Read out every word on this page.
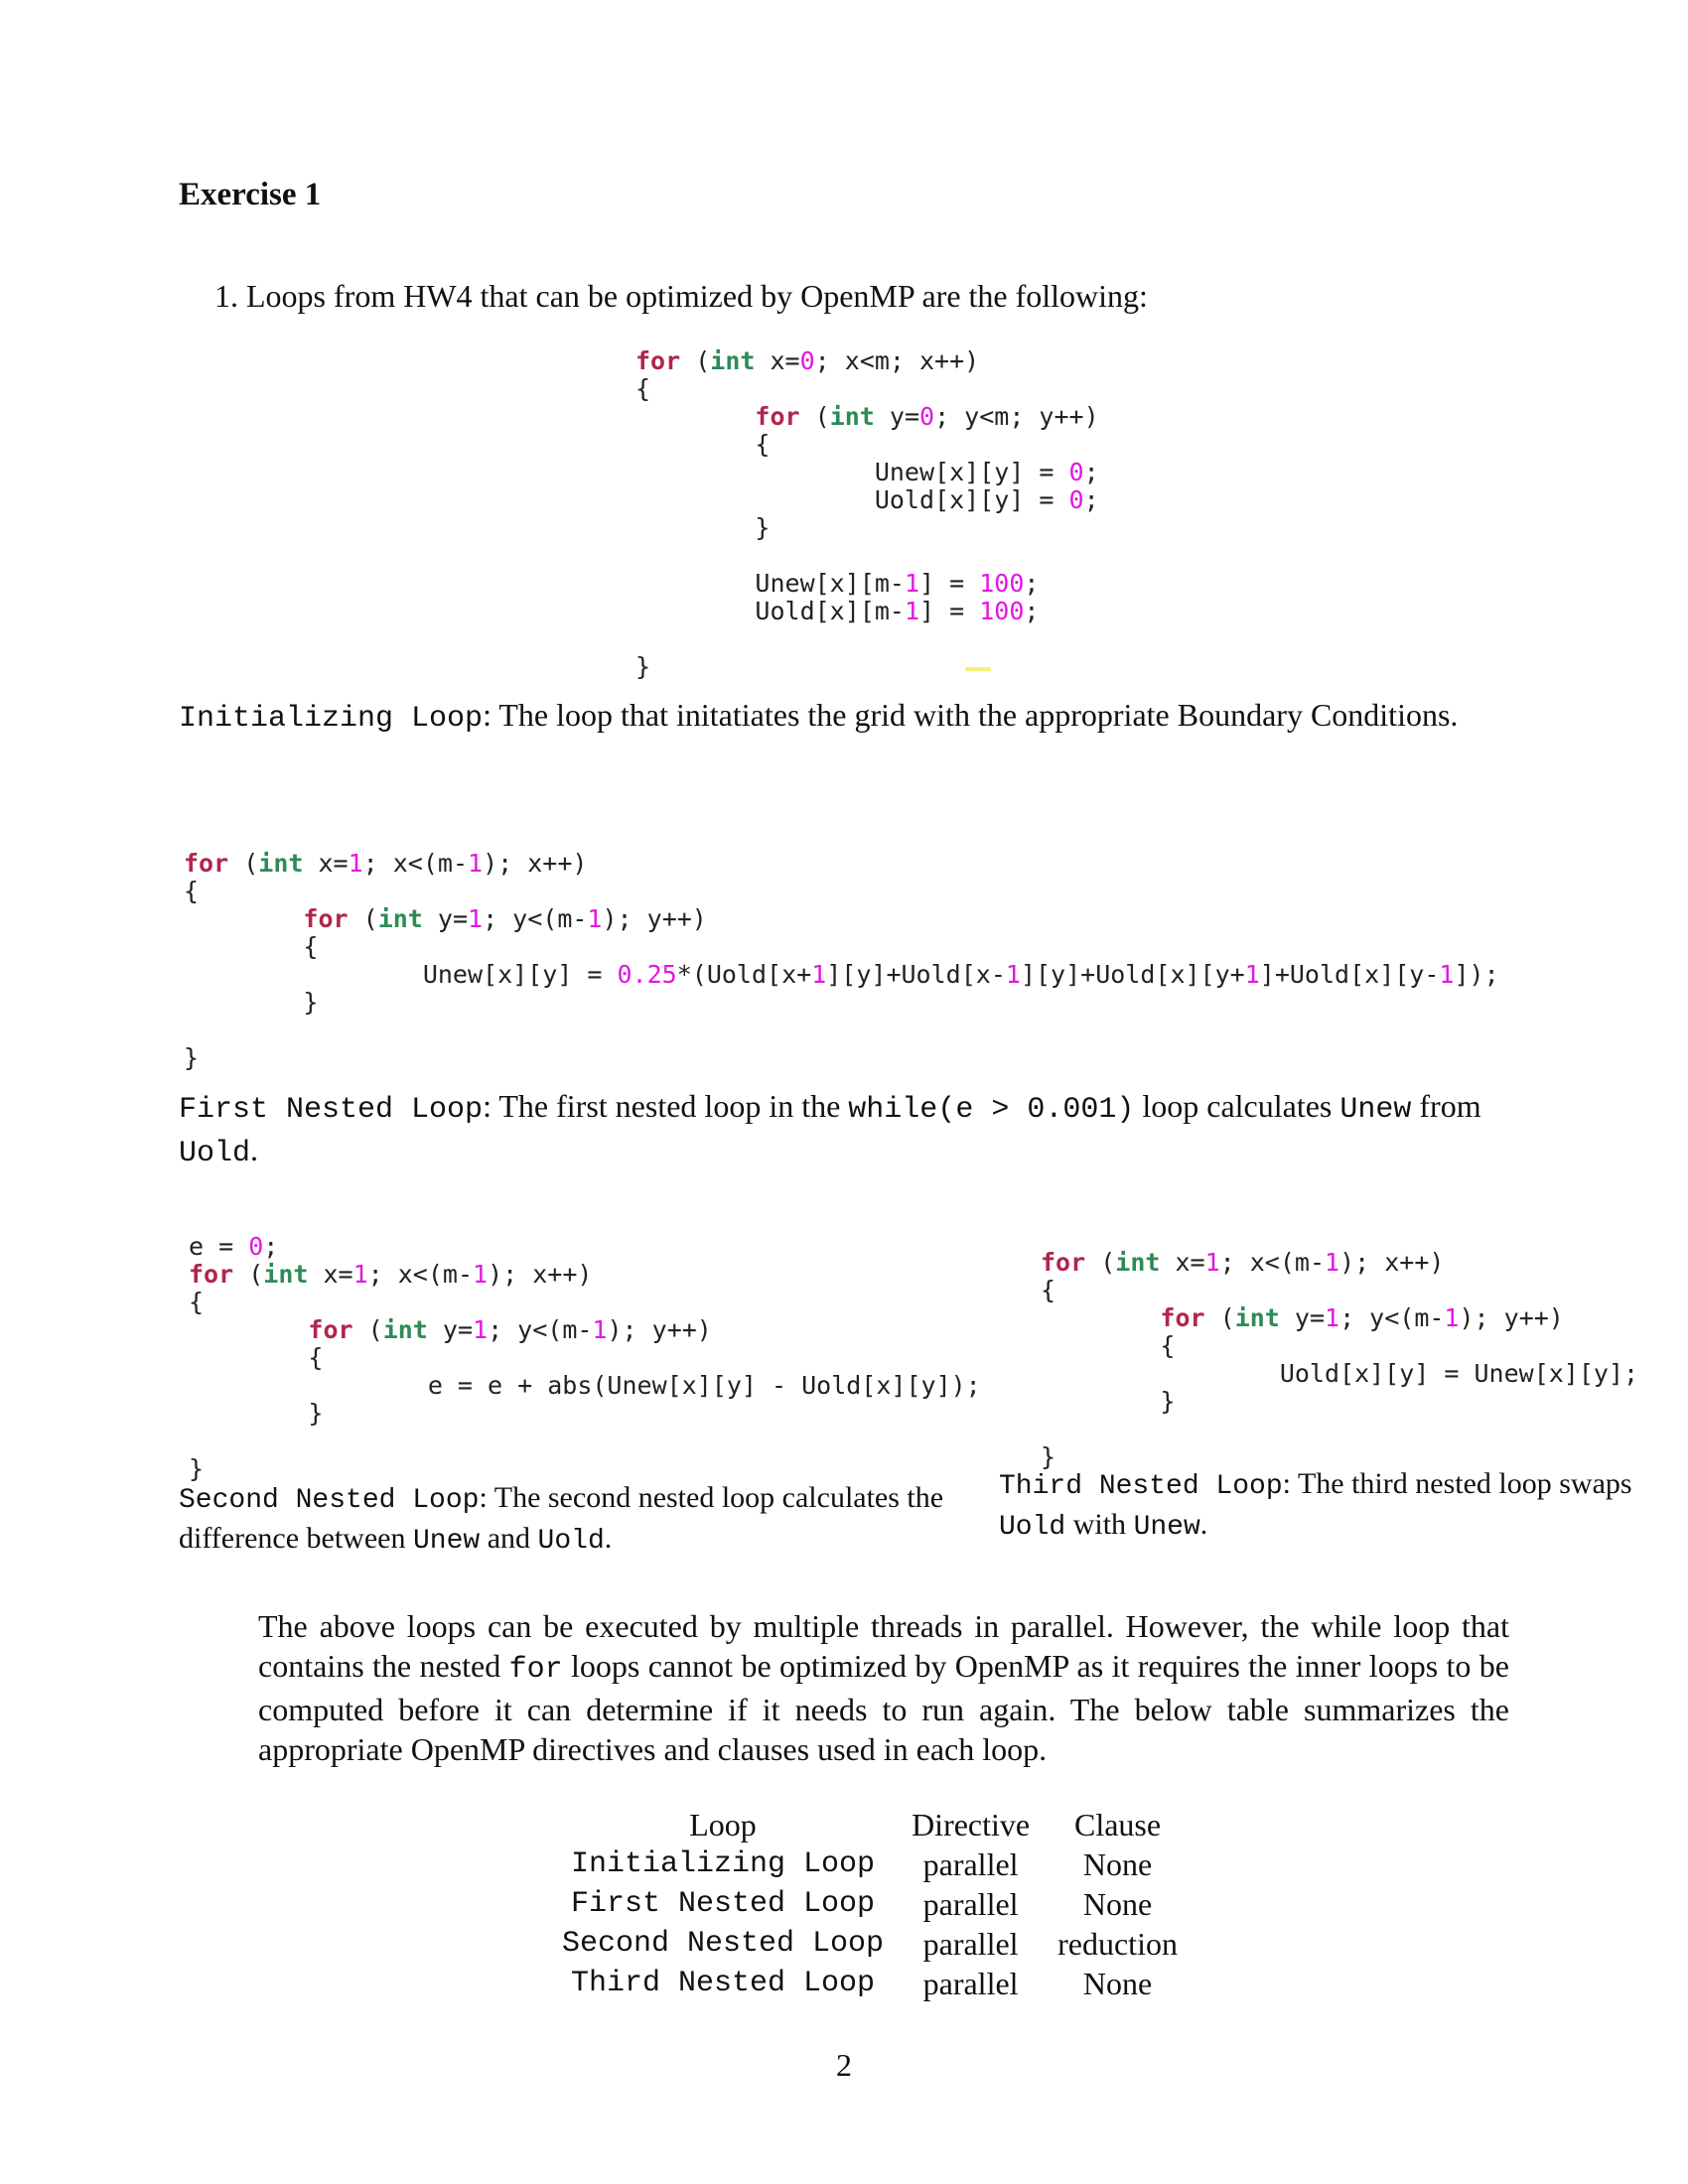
Exercise 1
1. Loops from HW4 that can be optimized by OpenMP are the following:
for (int x=0; x<m; x++)
{
for (int y=0; y<m; y++)
{
Unew[x][y] = 0;
Uold[x][y] = 0;
}

Unew[x][m-1] = 100;
Uold[x][m-1] = 100;

}
Initializing Loop: The loop that initatiates the grid with the appropriate Boundary Conditions.
for (int x=1; x<(m-1); x++)
{
for (int y=1; y<(m-1); y++)
{
Unew[x][y] = 0.25*(Uold[x+1][y]+Uold[x-1][y]+Uold[x][y+1]+Uold[x][y-1]);
}

}
First Nested Loop: The first nested loop in the while(e > 0.001) loop calculates Unew from Uold.
e = 0;
for (int x=1; x<(m-1); x++)
{
for (int y=1; y<(m-1); y++)
{
e = e + abs(Unew[x][y] - Uold[x][y]);
}

}
for (int x=1; x<(m-1); x++)
{
for (int y=1; y<(m-1); y++)
{
Uold[x][y] = Unew[x][y];
}

}
Second Nested Loop: The second nested loop calculates the difference between Unew and Uold.
Third Nested Loop: The third nested loop swaps Uold with Unew.
The above loops can be executed by multiple threads in parallel. However, the while loop that contains the nested for loops cannot be optimized by OpenMP as it requires the inner loops to be computed before it can determine if it needs to run again. The below table summarizes the appropriate OpenMP directives and clauses used in each loop.
Loop	Directive	Clause
Initializing Loop	parallel	None
First Nested Loop	parallel	None
Second Nested Loop	parallel	reduction
Third Nested Loop	parallel	None
2
